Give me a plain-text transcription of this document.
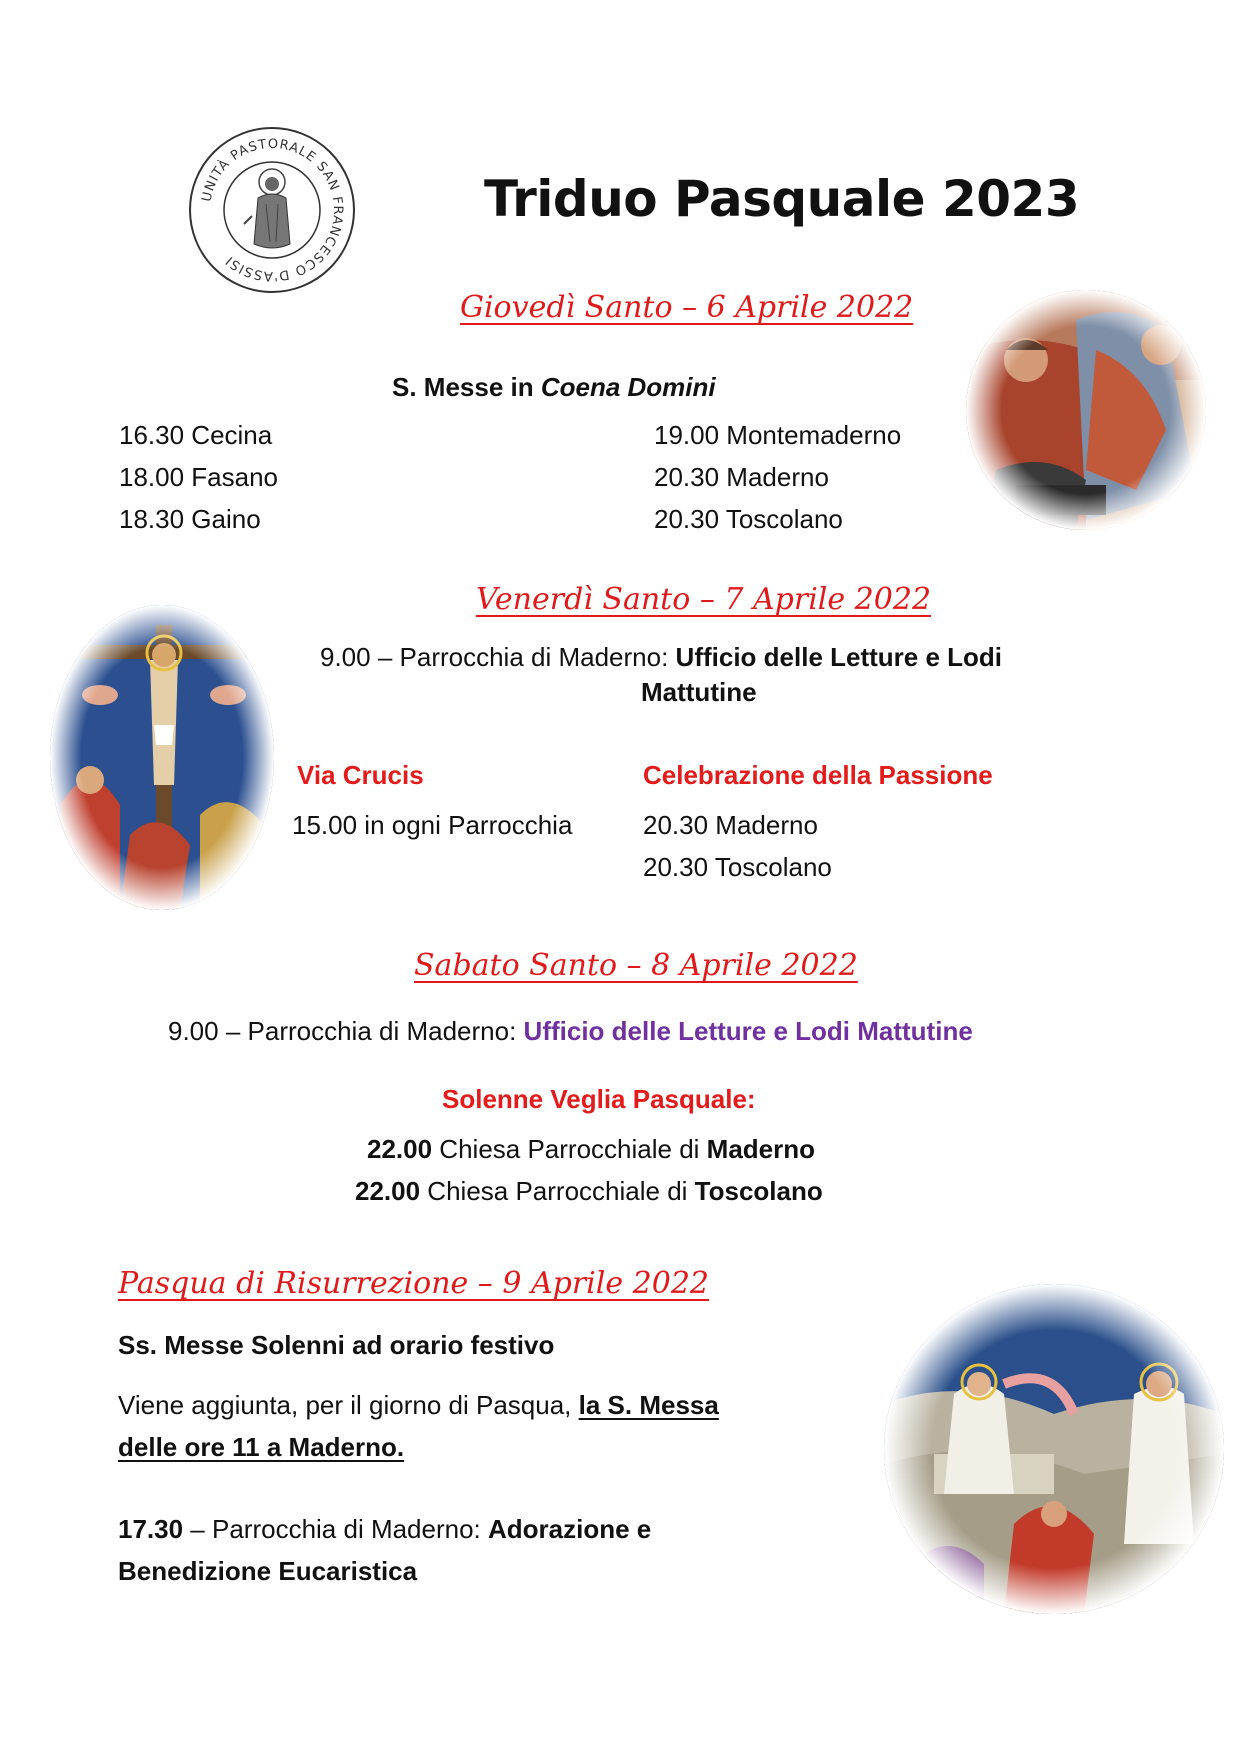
UNITÀ PASTORALE SAN FRANCESCO D'ASSISI
Triduo Pasquale 2023
Giovedì Santo – 6 Aprile 2022
S. Messe in Coena Domini
16.30 Cecina
18.00 Fasano
18.30 Gaino
19.00 Montemaderno
20.30 Maderno
20.30 Toscolano
Venerdì Santo – 7 Aprile 2022
9.00 – Parrocchia di Maderno: Ufficio delle Letture e Lodi
Mattutine
Via Crucis
15.00 in ogni Parrocchia
Celebrazione della Passione
20.30 Maderno
20.30 Toscolano
Sabato Santo – 8 Aprile 2022
9.00 – Parrocchia di Maderno: Ufficio delle Letture e Lodi Mattutine
Solenne Veglia Pasquale:
22.00 Chiesa Parrocchiale di Maderno
22.00 Chiesa Parrocchiale di Toscolano
Pasqua di Risurrezione – 9 Aprile 2022
Ss. Messe Solenni ad orario festivo
Viene aggiunta, per il giorno di Pasqua, la S. Messa
delle ore 11 a Maderno.
17.30 – Parrocchia di Maderno: Adorazione e
Benedizione Eucaristica
